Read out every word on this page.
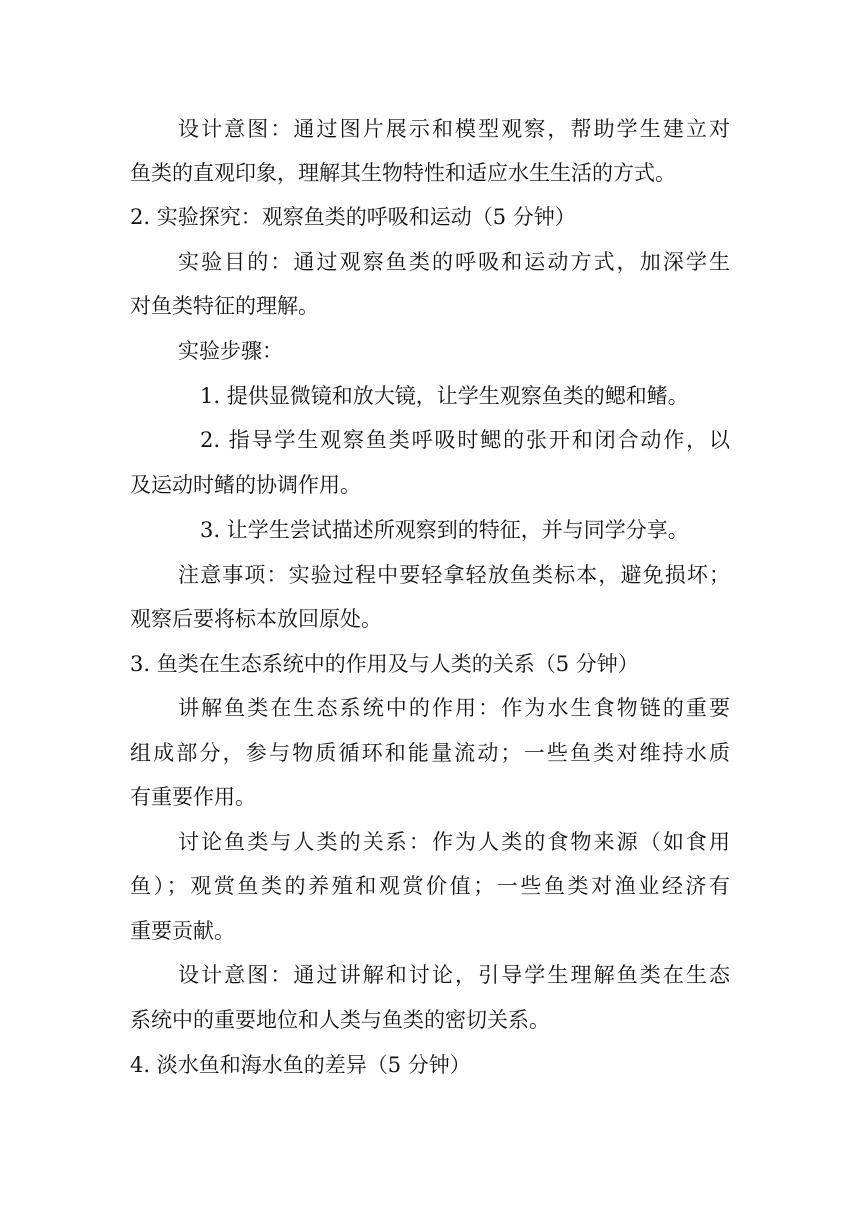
设计意图：通过图片展示和模型观察，帮助学生建立对
鱼类的直观印象，理解其生物特性和适应水生生活的方式。
2. 实验探究：观察鱼类的呼吸和运动（5 分钟）
实验目的：通过观察鱼类的呼吸和运动方式，加深学生
对鱼类特征的理解。
实验步骤：
1. 提供显微镜和放大镜，让学生观察鱼类的鳃和鳍。
2. 指导学生观察鱼类呼吸时鳃的张开和闭合动作，以
及运动时鳍的协调作用。
3. 让学生尝试描述所观察到的特征，并与同学分享。
注意事项：实验过程中要轻拿轻放鱼类标本，避免损坏；
观察后要将标本放回原处。
3. 鱼类在生态系统中的作用及与人类的关系（5 分钟）
讲解鱼类在生态系统中的作用：作为水生食物链的重要
组成部分，参与物质循环和能量流动；一些鱼类对维持水质
有重要作用。
讨论鱼类与人类的关系：作为人类的食物来源（如食用
鱼）；观赏鱼类的养殖和观赏价值；一些鱼类对渔业经济有
重要贡献。
设计意图：通过讲解和讨论，引导学生理解鱼类在生态
系统中的重要地位和人类与鱼类的密切关系。
4. 淡水鱼和海水鱼的差异（5 分钟）
